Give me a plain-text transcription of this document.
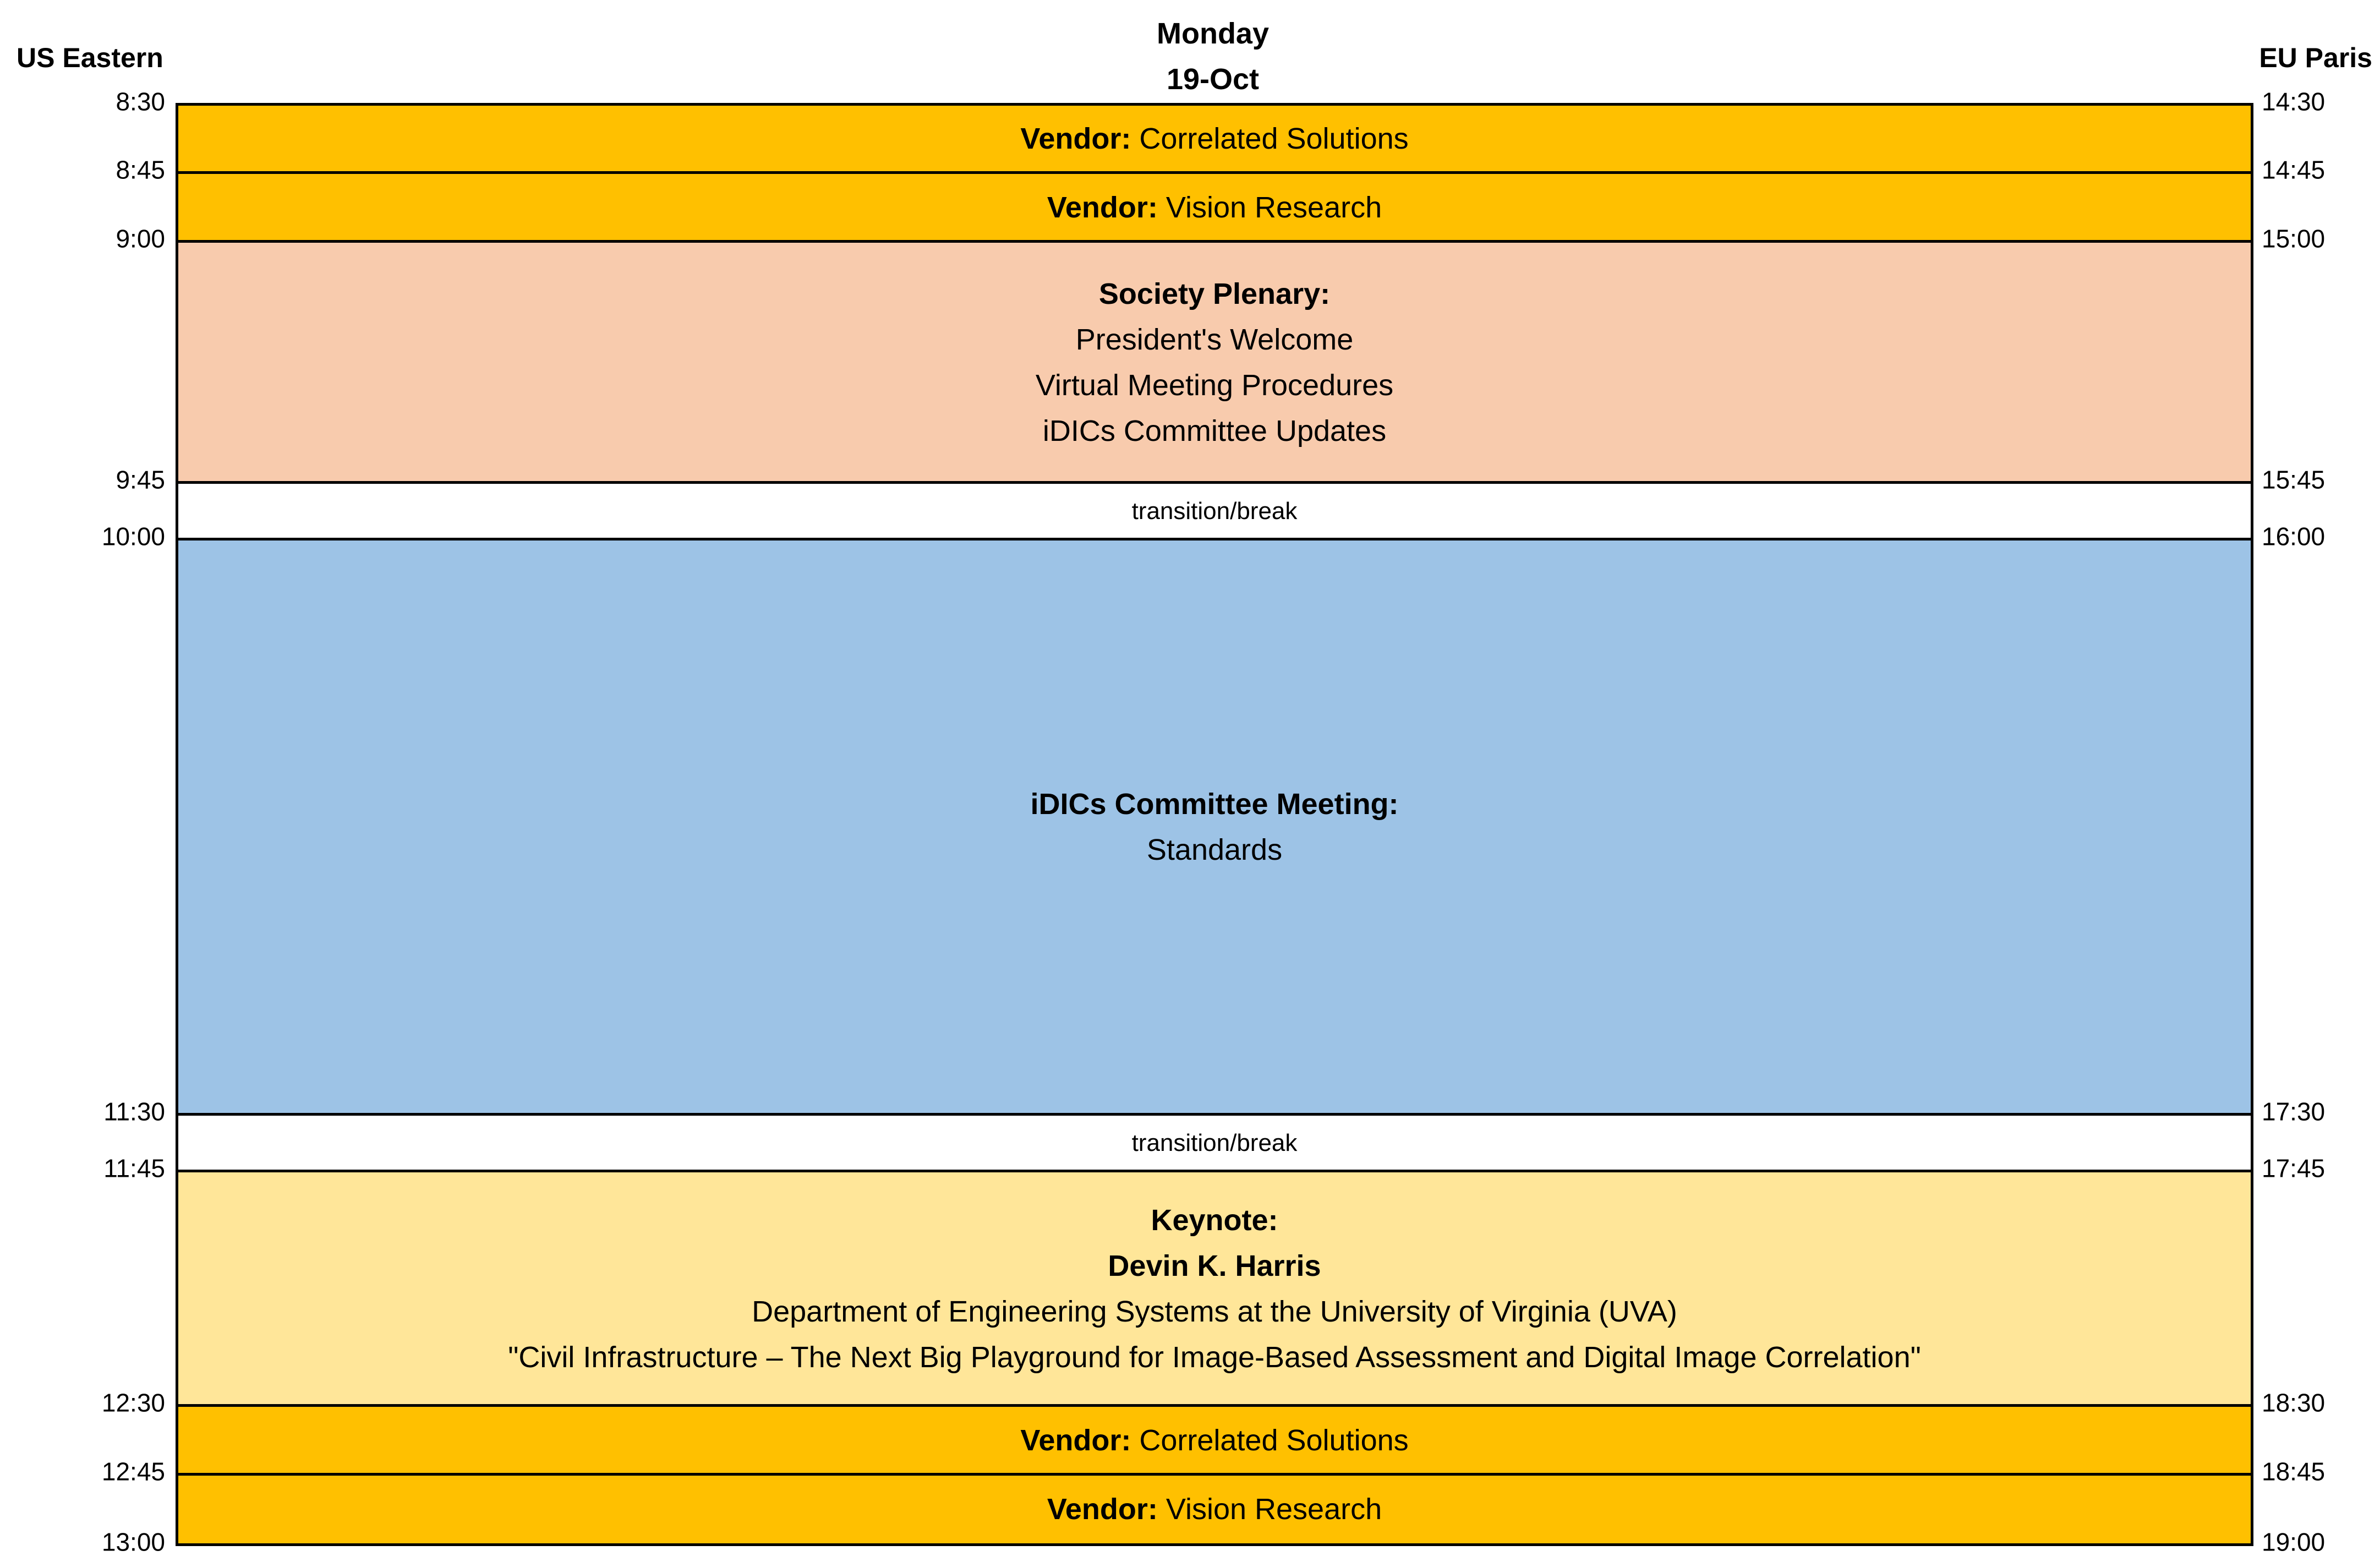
US Eastern	EU Paris
Monday
19-Oct
8:30
8:45
9:00
9:45
10:00
11:30
11:45
12:30
12:45
13:00
14:30
14:45
15:00
15:45
16:00
17:30
17:45
18:30
18:45
19:00
Vendor: Correlated Solutions
Vendor: Vision Research
Society Plenary:
President's Welcome
Virtual Meeting Procedures
iDICs Committee Updates
transition/break
iDICs Committee Meeting:
Standards
transition/break
Keynote:
Devin K. Harris
Department of Engineering Systems at the University of Virginia (UVA)
"Civil Infrastructure – The Next Big Playground for Image-Based Assessment and Digital Image Correlation"
Vendor: Correlated Solutions
Vendor: Vision Research
